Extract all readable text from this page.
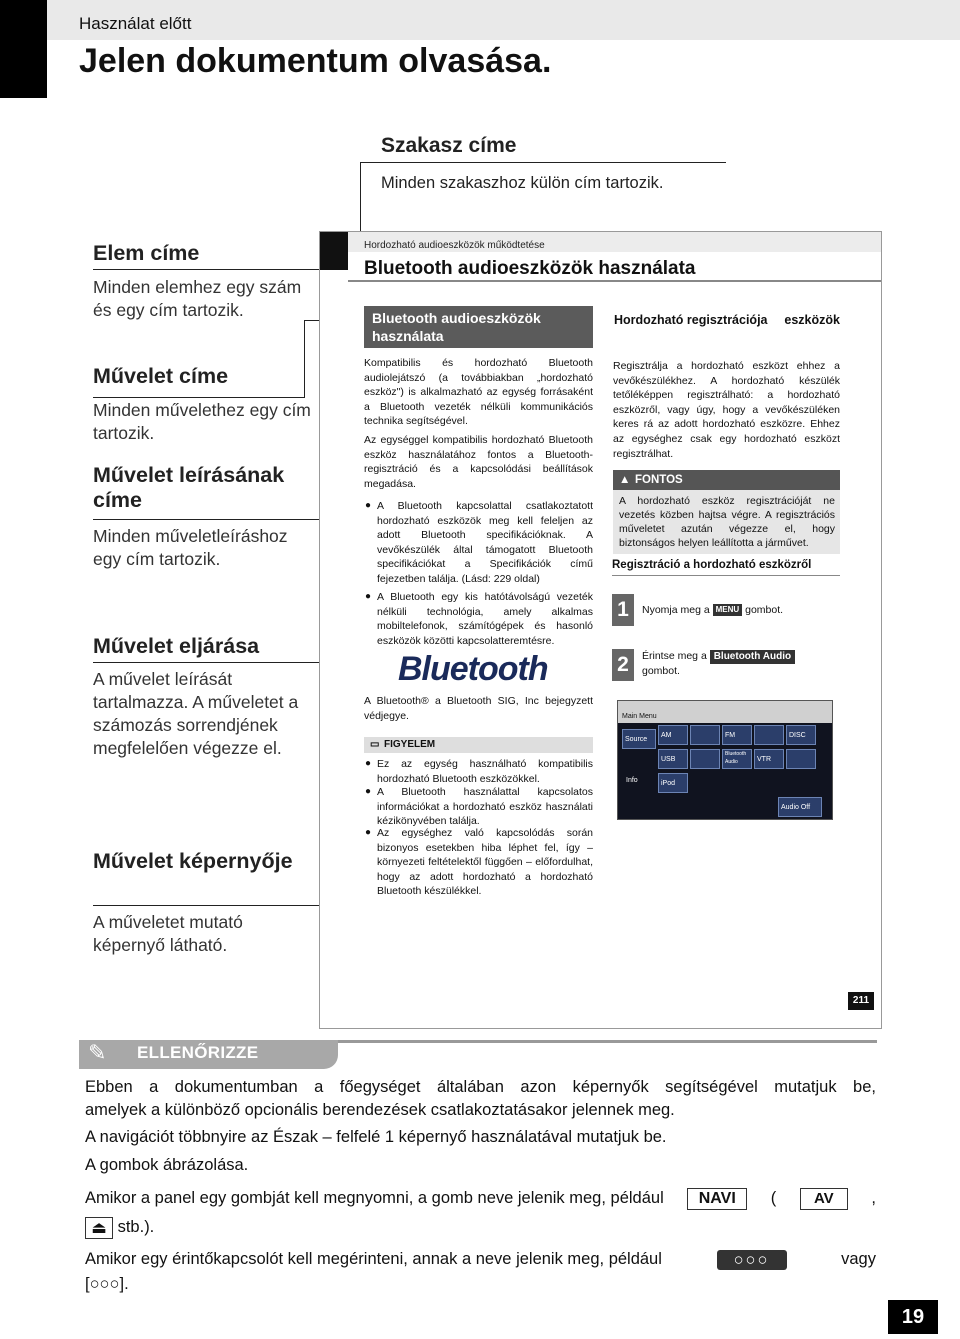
Használat előtt
Jelen dokumentum olvasása.
Szakasz címe
Minden szakaszhoz külön cím tartozik.
Elem címe
Minden elemhez egy szám és egy cím tartozik.
Művelet címe
Minden művelethez egy cím tartozik.
Művelet leírásának címe
Minden műveletleíráshoz egy cím tartozik.
Művelet eljárása
A művelet leírását tartalmazza. A műveletet a számozás sorrendjének megfelelően végezze el.
Művelet képernyője
A műveletet mutató képernyő látható.
Hordozható audioeszközök működtetése
Bluetooth audioeszközök használata
Bluetooth audioeszközök használata
Kompatibilis és hordozható Bluetooth audiolejátszó (a továbbiakban „hordozható eszköz") is alkalmazható az egység forrásaként a Bluetooth vezeték nélküli kommunikációs technika segítségével.
Az egységgel kompatibilis hordozható Bluetooth eszköz használatához fontos a Bluetooth-regisztráció és a kapcsolódási beállítások megadása.
● A Bluetooth kapcsolattal csatlakoztatott hordozható eszközök meg kell feleljen az adott Bluetooth specifikációknak. A vevőkészülék által támogatott Bluetooth specifikációkat a Specifikációk című fejezetben találja. (Lásd: 229 oldal)
● A Bluetooth egy kis hatótávolságú vezeték nélküli technológia, amely alkalmas mobiltelefonok, számítógépek és hasonló eszközök közötti kapcsolatteremtésre.
Bluetooth
A Bluetooth® a Bluetooth SIG, Inc bejegyzett védjegye.
▭ FIGYELEM
● Ez az egység használható kompatibilis hordozható Bluetooth eszközökkel.
● A Bluetooth használattal kapcsolatos információkat a hordozható eszköz használati kézikönyvében találja.
● Az egységhez való kapcsolódás során bizonyos esetekben hiba léphet fel, így – környezeti feltételektől függően – előfordulhat, hogy az adott hordozható a hordozható Bluetooth készülékkel.
Hordozható regisztrációja eszközök
Regisztrálja a hordozható eszközt ehhez a vevőkészülékhez. A hordozható készülék tetőléképpen regisztrálható: a hordozható eszközről, vagy úgy, hogy a vevőkészüléken keres rá az adott hordozható eszközre. Ehhez az egységhez csak egy hordozható eszközt regisztrálhat.
▲ FONTOS
A hordozható eszköz regisztrációját ne vezetés közben hajtsa végre. A regisztrációs műveletet azután végezze el, hogy biztonságos helyen leállította a járművet.
Regisztráció a hordozható eszközről
1	Nyomja meg a MENU gombot.
2	Érintse meg a Bluetooth Audio
gombot.
Main Menu
Source
AM	FM	DISC
USB
Bluetooth Audio	VTR
iPod
Info
Audio Off
211
✎ ELLENŐRIZZE
Ebben a dokumentumban a főegységet általában azon képernyők segítségével mutatjuk be,
amelyek a különböző opcionális berendezések csatlakoztatásakor jelennek meg.
A navigációt többnyire az Észak – felfelé 1 képernyő használatával mutatjuk be.
A gombok ábrázolása.
Amikor a panel egy gombját kell megnyomni, a gomb neve jelenik meg, például	NAVI	(	AV	,
⏏ stb.).
Amikor egy érintőkapcsolót kell megérinteni, annak a neve jelenik meg, például	○○○	vagy
[○○○].
19
